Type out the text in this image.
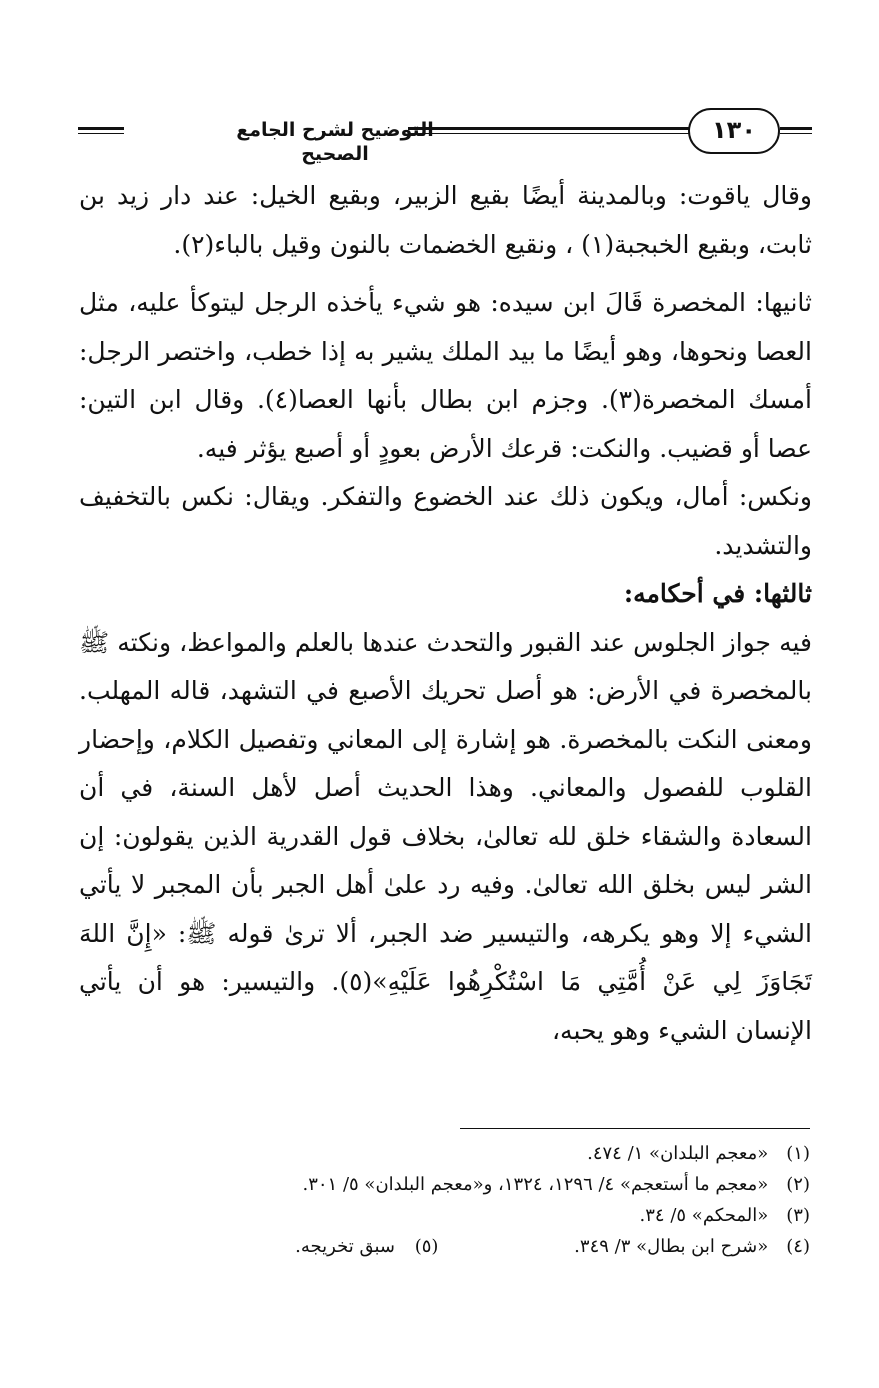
التوضيح لشرح الجامع الصحيح
١٣٠

وقال ياقوت: وبالمدينة أيضًا بقيع الزبير، وبقيع الخيل: عند دار زيد بن ثابت، وبقيع الخبجبة(١) ، ونقيع الخضمات بالنون وقيل بالباء(٢).

ثانيها: المخصرة قَالَ ابن سيده: هو شيء يأخذه الرجل ليتوكأ عليه، مثل العصا ونحوها، وهو أيضًا ما بيد الملك يشير به إذا خطب، واختصر الرجل: أمسك المخصرة(٣). وجزم ابن بطال بأنها العصا(٤). وقال ابن التين: عصا أو قضيب. والنكت: قرعك الأرض بعودٍ أو أصبع يؤثر فيه.

ونكس: أمال، ويكون ذلك عند الخضوع والتفكر. ويقال: نكس بالتخفيف والتشديد.

ثالثها: في أحكامه:

فيه جواز الجلوس عند القبور والتحدث عندها بالعلم والمواعظ، ونكته ﷺ بالمخصرة في الأرض: هو أصل تحريك الأصبع في التشهد، قاله المهلب. ومعنى النكت بالمخصرة. هو إشارة إلى المعاني وتفصيل الكلام، وإحضار القلوب للفصول والمعاني. وهذا الحديث أصل لأهل السنة، في أن السعادة والشقاء خلق لله تعالىٰ، بخلاف قول القدرية الذين يقولون: إن الشر ليس بخلق الله تعالىٰ. وفيه رد علىٰ أهل الجبر بأن المجبر لا يأتي الشيء إلا وهو يكرهه، والتيسير ضد الجبر، ألا ترىٰ قوله ﷺ: «إِنَّ اللهَ تَجَاوَزَ لِي عَنْ أُمَّتِي مَا اسْتُكْرِهُوا عَلَيْهِ»(٥). والتيسير: هو أن يأتي الإنسان الشيء وهو يحبه،

(١) «معجم البلدان» ١/ ٤٧٤.
(٢) «معجم ما أستعجم» ٤/ ١٢٩٦، ١٣٢٤، و«معجم البلدان» ٥/ ٣٠١.
(٣) «المحكم» ٥/ ٣٤.
(٤) «شرح ابن بطال» ٣/ ٣٤٩. (٥) سبق تخريجه.
